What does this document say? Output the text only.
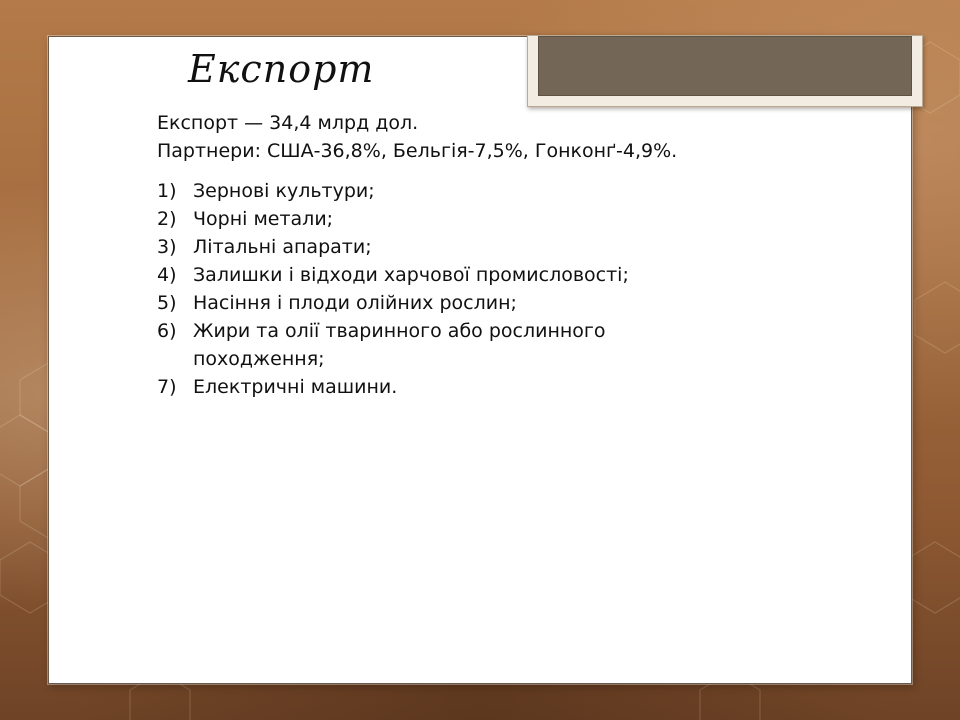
Експорт

Експорт — 34,4 млрд дол.

Партнери: США-36,8%, Бельгія-7,5%, Гонконґ-4,9%.

1) Зернові культури;
2) Чорні метали;
3) Літальні апарати;
4) Залишки і відходи харчової промисловості;
5) Насіння і плоди олійних рослин;
6) Жири та олії тваринного або рослинного походження;
7) Електричні машини.
